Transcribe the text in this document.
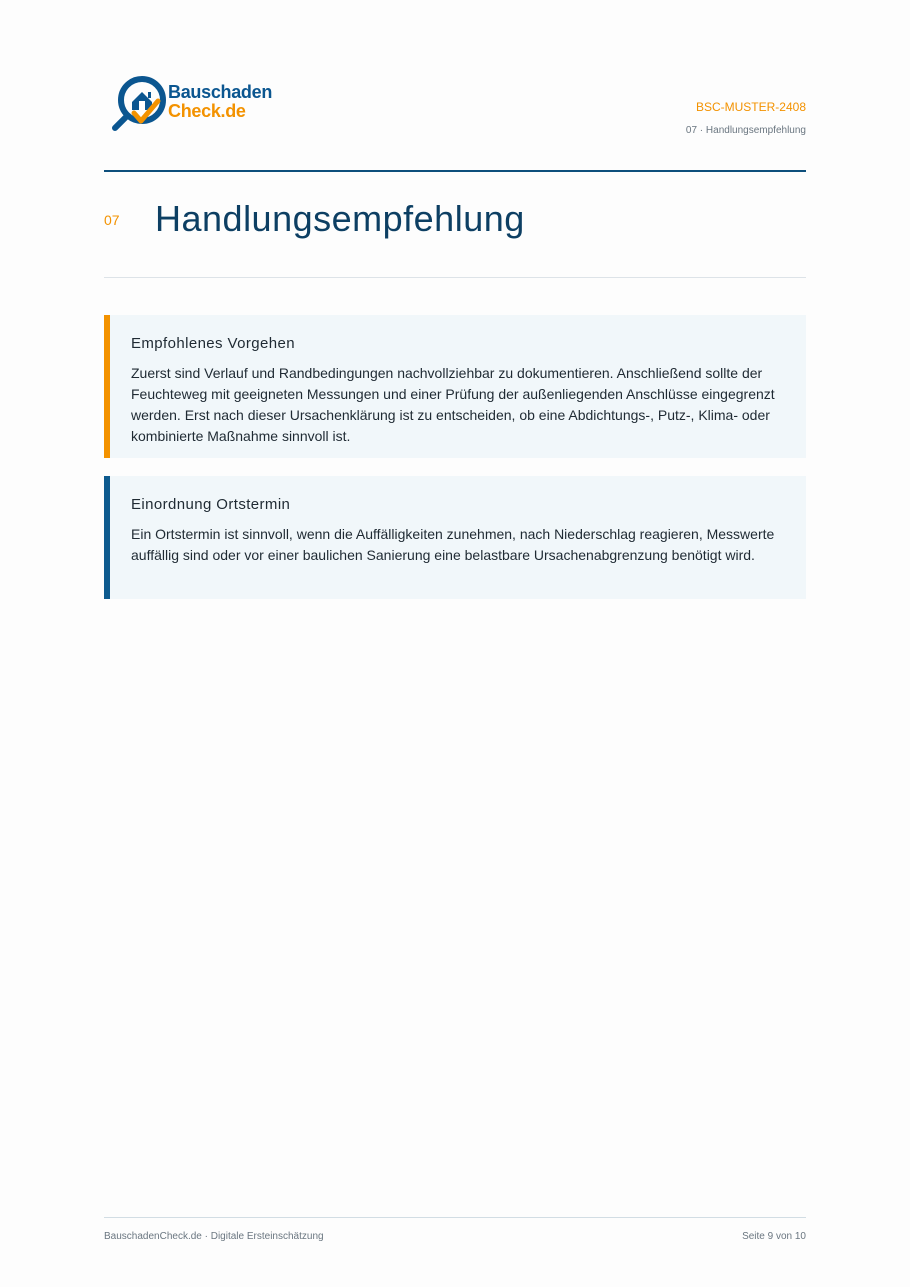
Bauschaden
Check.de	BSC-MUSTER-2408
07 · Handlungsempfehlung
07 Handlungsempfehlung
Empfohlenes Vorgehen

Zuerst sind Verlauf und Randbedingungen nachvollziehbar zu dokumentieren. Anschließend sollte der Feuchteweg mit geeigneten Messungen und einer Prüfung der außenliegenden Anschlüsse eingegrenzt werden. Erst nach dieser Ursachenklärung ist zu entscheiden, ob eine Abdichtungs-, Putz-, Klima- oder kombinierte Maßnahme sinnvoll ist.

Einordnung Ortstermin

Ein Ortstermin ist sinnvoll, wenn die Auffälligkeiten zunehmen, nach Niederschlag reagieren, Messwerte auffällig sind oder vor einer baulichen Sanierung eine belastbare Ursachenabgrenzung benötigt wird.

BauschadenCheck.de · Digitale Ersteinschätzung	Seite 9 von 10
